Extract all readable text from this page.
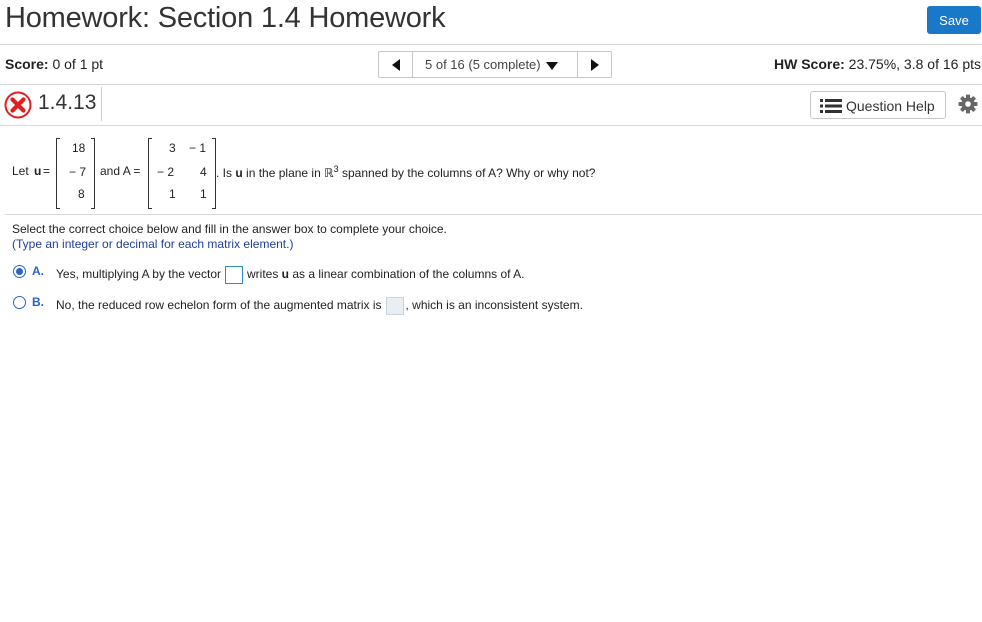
Homework: Section 1.4 Homework	Save
Score: 0 of 1 pt	5 of 16 (5 complete)	HW Score: 23.75%, 3.8 of 16 pts
1.4.13	Question Help
Let u =
18
− 7
8
and A =
3 − 1
− 2 4
1 1
. Is u in the plane in ℝ$^3$ spanned by the columns of A? Why or why not?
Select the correct choice below and fill in the answer box to complete your choice.
(Type an integer or decimal for each matrix element.)
A. Yes, multiplying A by the vector writes u as a linear combination of the columns of A.
B. No, the reduced row echelon form of the augmented matrix is , which is an inconsistent system.
